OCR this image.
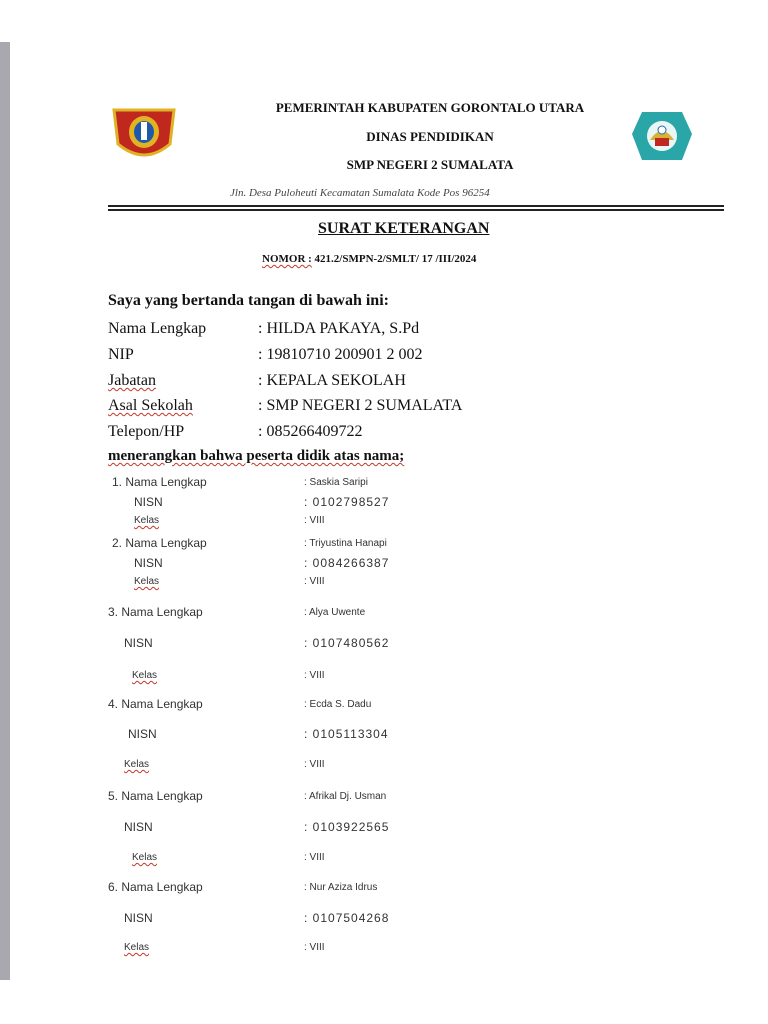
PEMERINTAH KABUPATEN GORONTALO UTARA
DINAS PENDIDIKAN
SMP NEGERI 2 SUMALATA
Jln. Desa Puloheuti Kecamatan Sumalata Kode Pos 96254
SURAT KETERANGAN
NOMOR : 421.2/SMPN-2/SMLT/ 17 /III/2024
Saya yang bertanda tangan di bawah ini:
Nama Lengkap	: HILDA PAKAYA, S.Pd
NIP	: 19810710 200901 2 002
Jabatan	: KEPALA SEKOLAH
Asal Sekolah	: SMP NEGERI 2 SUMALATA
Telepon/HP	: 085266409722
menerangkan bahwa peserta didik atas nama;
1. Nama Lengkap	: Saskia Saripi
NISN	: 0102798527
Kelas	: VIII
2. Nama Lengkap	: Triyustina Hanapi
NISN	: 0084266387
Kelas	: VIII
3. Nama Lengkap	: Alya Uwente
NISN	: 0107480562
Kelas	: VIII
4. Nama Lengkap	: Ecda S. Dadu
NISN	: 0105113304
Kelas	: VIII
5. Nama Lengkap	: Afrikal Dj. Usman
NISN	: 0103922565
Kelas	: VIII
6. Nama Lengkap	: Nur Aziza Idrus
NISN	: 0107504268
Kelas	: VIII
